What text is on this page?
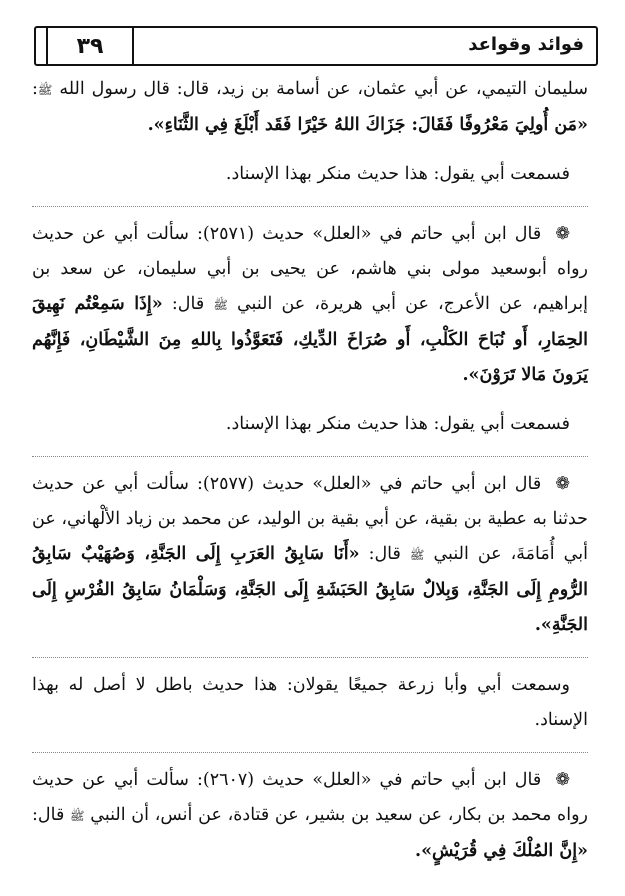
فوائد وقواعد
٣٩

سليمان التيمي، عن أبي عثمان، عن أسامة بن زيد، قال: قال رسول الله ﷺ: «مَن أُولِيَ مَعْرُوفًا فَقَالَ: جَزَاكَ اللهُ خَيْرًا فَقَد أَبْلَغَ فِي الثَّنَاءِ».

فسمعت أبي يقول: هذا حديث منكر بهذا الإسناد.

❁ قال ابن أبي حاتم في «العلل» حديث (٢٥٧١): سألت أبي عن حديث رواه أبوسعيد مولى بني هاشم، عن يحيى بن أبي سليمان، عن سعد بن إبراهيم، عن الأعرج، عن أبي هريرة، عن النبي ﷺ قال: «إِذَا سَمِعْتُم نَهِيقَ الحِمَارِ، أَو نُبَاحَ الكَلْبِ، أَو صُرَاخَ الدِّيكِ، فَتَعَوَّذُوا بِاللهِ مِنَ الشَّيْطَانِ، فَإِنَّهُم يَرَونَ مَالا تَرَوْنَ».

فسمعت أبي يقول: هذا حديث منكر بهذا الإسناد.

❁ قال ابن أبي حاتم في «العلل» حديث (٢٥٧٧): سألت أبي عن حديث حدثنا به عطية بن بقية، عن أبي بقية بن الوليد، عن محمد بن زياد الألْهاني، عن أبي أُمَامَةَ، عن النبي ﷺ قال: «أَنَا سَابِقُ العَرَبِ إِلَى الجَنَّةِ، وَصُهَيْبٌ سَابِقُ الرُّومِ إِلَى الجَنَّةِ، وَبِلالٌ سَابِقُ الحَبَشَةِ إِلَى الجَنَّةِ، وَسَلْمَانُ سَابِقُ الفُرْسِ إِلَى الجَنَّةِ».

وسمعت أبي وأبا زرعة جميعًا يقولان: هذا حديث باطل لا أصل له بهذا الإسناد.

❁ قال ابن أبي حاتم في «العلل» حديث (٢٦٠٧): سألت أبي عن حديث رواه محمد بن بكار، عن سعيد بن بشير، عن قتادة، عن أنس، أن النبي ﷺ قال: «إِنَّ المُلْكَ فِي قُرَيْشٍ».
